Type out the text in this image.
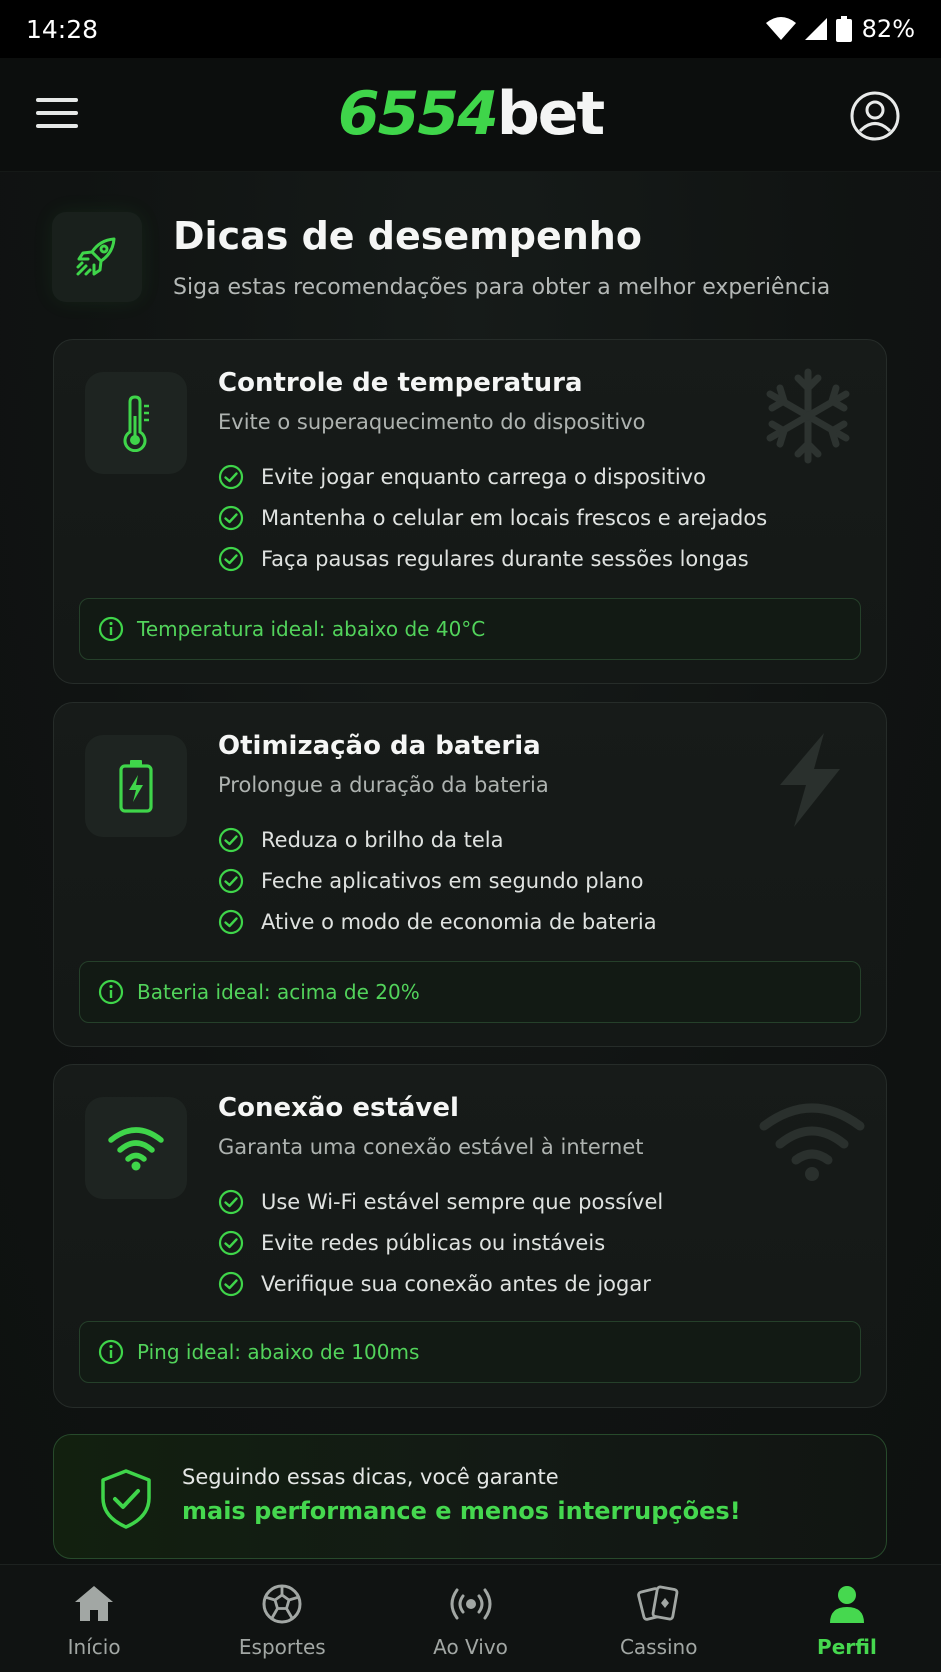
14:28	82%
6554bet
Dicas de desempenho
Siga estas recomendações para obter a melhor experiência
Controle de temperatura
Evite o superaquecimento do dispositivo
Evite jogar enquanto carrega o dispositivo
Mantenha o celular em locais frescos e arejados
Faça pausas regulares durante sessões longas
Temperatura ideal: abaixo de 40°C
Otimização da bateria
Prolongue a duração da bateria
Reduza o brilho da tela
Feche aplicativos em segundo plano
Ative o modo de economia de bateria
Bateria ideal: acima de 20%
Conexão estável
Garanta uma conexão estável à internet
Use Wi-Fi estável sempre que possível
Evite redes públicas ou instáveis
Verifique sua conexão antes de jogar
Ping ideal: abaixo de 100ms
Seguindo essas dicas, você garante
mais performance e menos interrupções!
Início	Esportes	Ao Vivo	Cassino	Perfil
